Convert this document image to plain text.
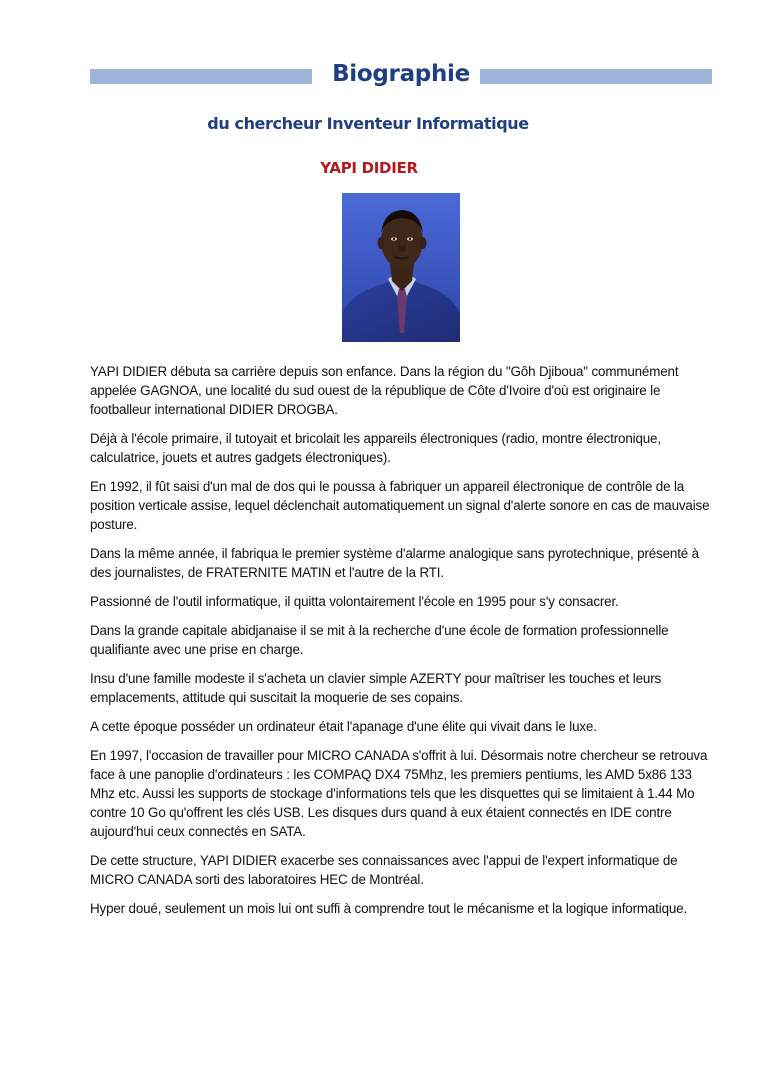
Biographie
du chercheur Inventeur Informatique
YAPI DIDIER

YAPI DIDIER débuta sa carrière depuis son enfance. Dans la région du "Gôh Djiboua" communément appelée GAGNOA, une localité du sud ouest de la république de Côte d'Ivoire d'où est originaire le footballeur international DIDIER DROGBA.

Déjà à l'école primaire, il tutoyait et bricolait les appareils électroniques (radio, montre électronique, calculatrice, jouets et autres gadgets électroniques).

En 1992, il fût saisi d'un mal de dos qui le poussa à fabriquer un appareil électronique de contrôle de la position verticale assise, lequel déclenchait automatiquement un signal d'alerte sonore en cas de mauvaise posture.

Dans la même année, il fabriqua le premier système d'alarme analogique sans pyrotechnique, présenté à des journalistes, de FRATERNITE MATIN et l'autre de la RTI.

Passionné de l'outil informatique, il quitta volontairement l'école en 1995 pour s'y consacrer.

Dans la grande capitale abidjanaise il se mit à la recherche d'une école de formation professionnelle qualifiante avec une prise en charge.

Insu d'une famille modeste il s'acheta un clavier simple AZERTY pour maîtriser les touches et leurs emplacements, attitude qui suscitait la moquerie de ses copains.

A cette époque posséder un ordinateur était l'apanage d'une élite qui vivait dans le luxe.

En 1997, l'occasion de travailler pour MICRO CANADA s'offrit à lui. Désormais notre chercheur se retrouva face à une panoplie d'ordinateurs : les COMPAQ DX4 75Mhz, les premiers pentiums, les AMD 5x86 133 Mhz etc. Aussi les supports de stockage d'informations tels que les disquettes qui se limitaient à 1.44 Mo contre 10 Go qu'offrent les clés USB. Les disques durs quand à eux étaient connectés en IDE contre aujourd'hui ceux connectés en SATA.

De cette structure, YAPI DIDIER exacerbe ses connaissances avec l'appui de l'expert informatique de MICRO CANADA sorti des laboratoires HEC de Montréal.

Hyper doué, seulement un mois lui ont suffi à comprendre tout le mécanisme et la logique informatique.
